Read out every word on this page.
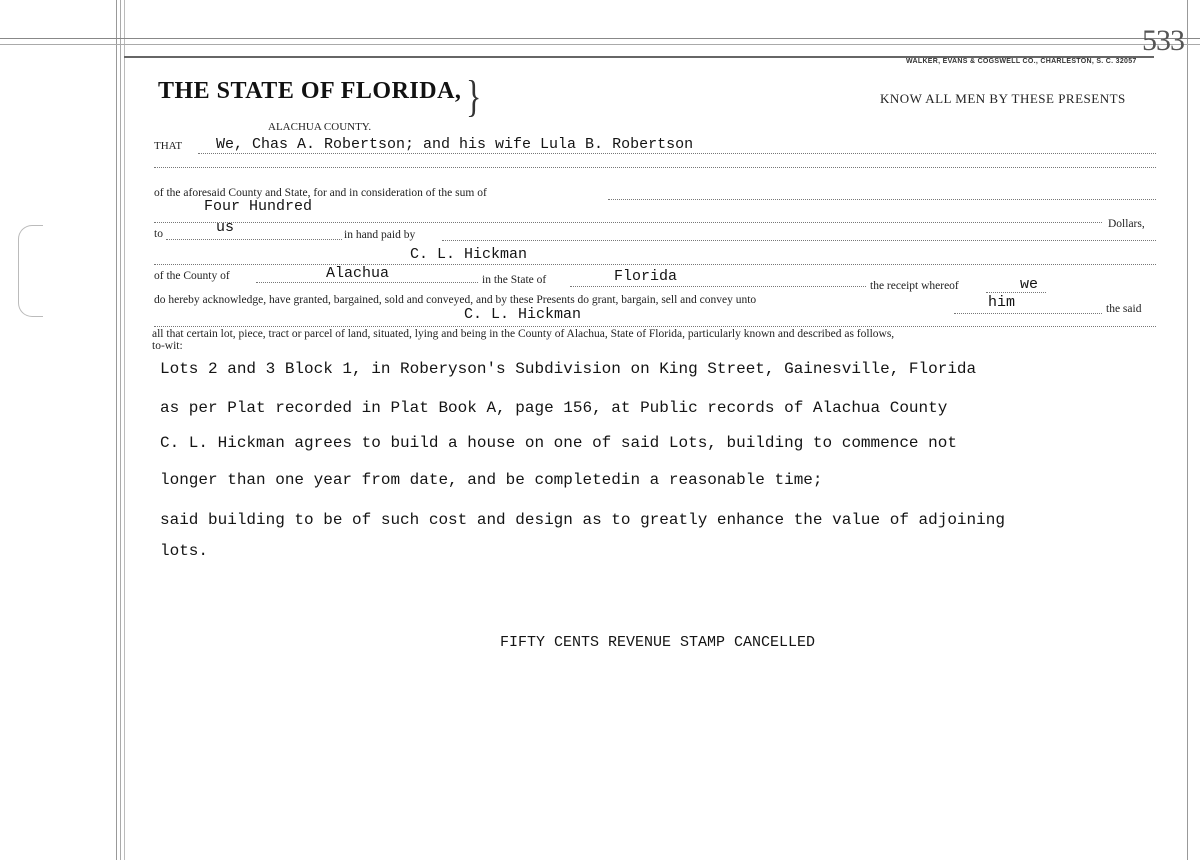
533
WALKER, EVANS & COGSWELL CO., CHARLESTON, S. C. 32057
THE STATE OF FLORIDA, }	KNOW ALL MEN BY THESE PRESENTS
ALACHUA COUNTY.
THAT We, Chas A. Robertson; and his wife Lula B. Robertson
of the aforesaid County and State, for and in consideration of the sum of
Four Hundred
Dollars,
to	us	in hand paid by
C. L. Hickman
of the County of	Alachua	in the State of	Florida
the receipt whereof	we
do hereby acknowledge, have granted, bargained, sold and conveyed, and by these Presents do grant, bargain, sell and convey unto	him	the said
C. L. Hickman
all that certain lot, piece, tract or parcel of land, situated, lying and being in the County of Alachua, State of Florida, particularly known and described as follows,
to-wit:
Lots 2 and 3 Block 1, in Roberyson's Subdivision on King Street, Gainesville, Florida
as per Plat recorded in Plat Book A, page 156, at Public records of Alachua County
C. L. Hickman agrees to build a house on one of said Lots, building to commence not
longer than one year from date, and be completedin a reasonable time;
said building to be of such cost and design as to greatly enhance the value of adjoining
lots.
FIFTY CENTS REVENUE STAMP CANCELLED
